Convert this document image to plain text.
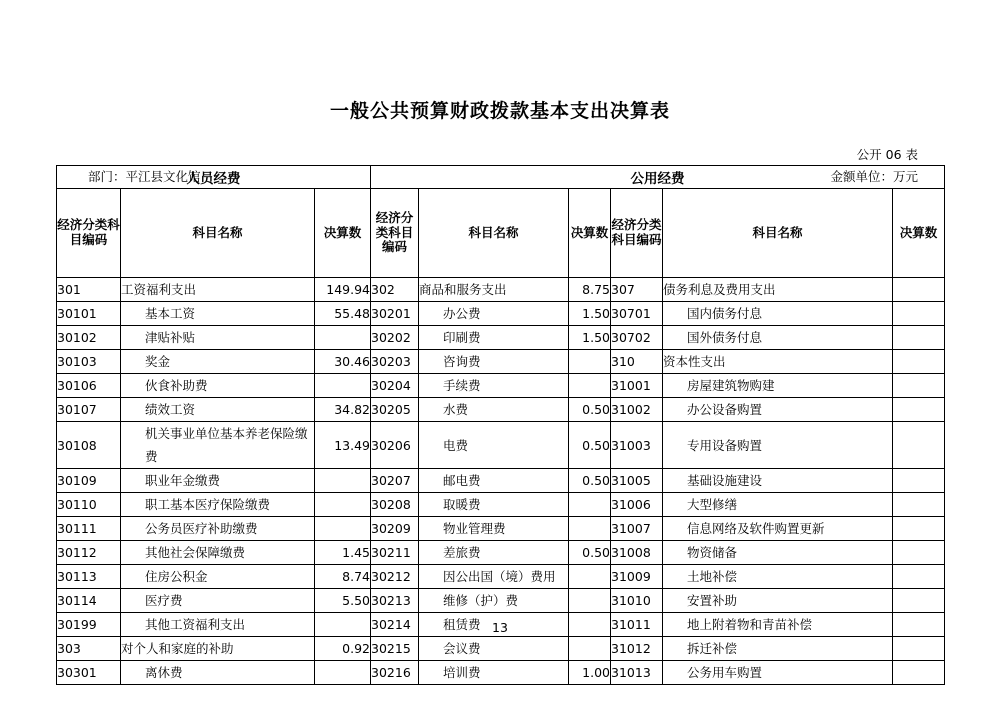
一般公共预算财政拨款基本支出决算表
公开 06 表
部门：平江县文化馆	金额单位：万元
人员经费			公用经费					
经济分类科目编码	科目名称	决算数	经济分类科目编码	科目名称	决算数	经济分类科目编码	科目名称	决算数
301	工资福利支出	149.94	302	商品和服务支出	8.75	307	债务利息及费用支出	
30101	基本工资	55.48	30201	办公费	1.50	30701	国内债务付息	
30102	津贴补贴		30202	印刷费	1.50	30702	国外债务付息	
30103	奖金	30.46	30203	咨询费		310	资本性支出	
30106	伙食补助费		30204	手续费		31001	房屋建筑物购建	
30107	绩效工资	34.82	30205	水费	0.50	31002	办公设备购置	
30108	机关事业单位基本养老保险缴费	13.49	30206	电费	0.50	31003	专用设备购置	
30109	职业年金缴费		30207	邮电费	0.50	31005	基础设施建设	
30110	职工基本医疗保险缴费		30208	取暖费		31006	大型修缮	
30111	公务员医疗补助缴费		30209	物业管理费		31007	信息网络及软件购置更新	
30112	其他社会保障缴费	1.45	30211	差旅费	0.50	31008	物资储备	
30113	住房公积金	8.74	30212	因公出国（境）费用		31009	土地补偿	
30114	医疗费	5.50	30213	维修（护）费		31010	安置补助	
30199	其他工资福利支出		30214	租赁费		31011	地上附着物和青苗补偿	
303	对个人和家庭的补助	0.92	30215	会议费		31012	拆迁补偿	
30301	离休费		30216	培训费	1.00	31013	公务用车购置	
13
